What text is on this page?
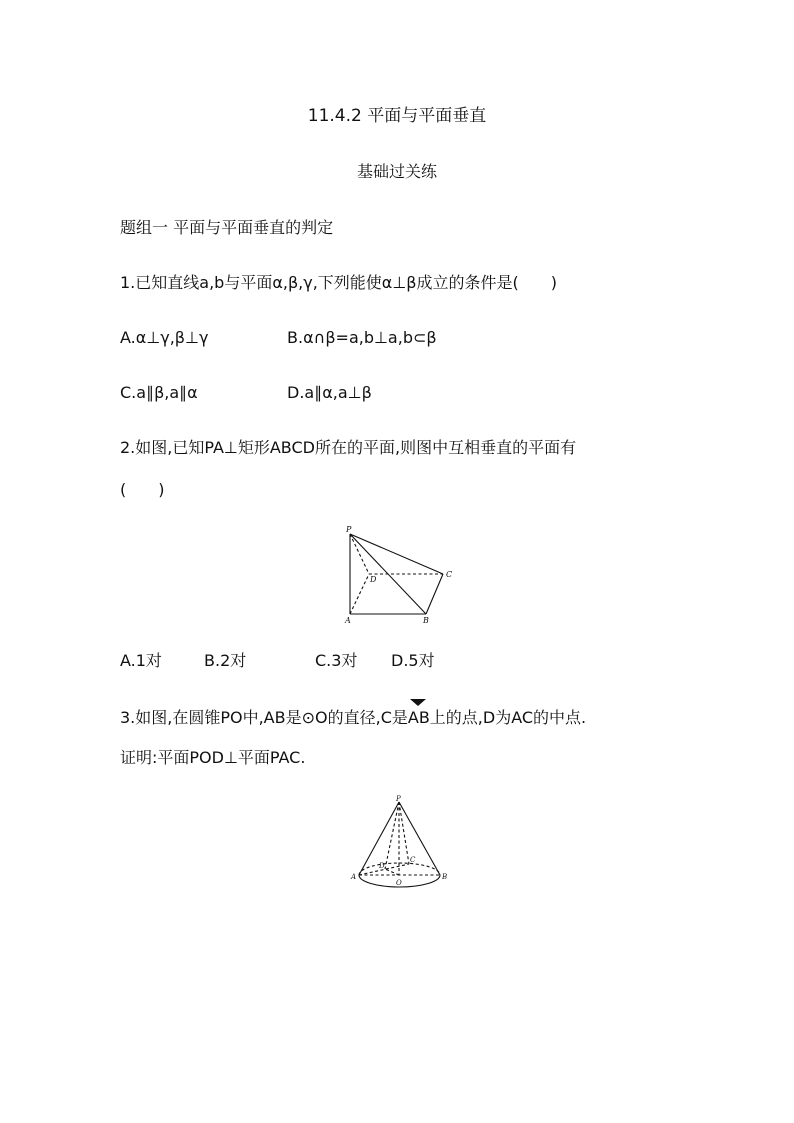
11.4.2 平面与平面垂直
基础过关练
题组一 平面与平面垂直的判定
1.已知直线a,b与平面α,β,γ,下列能使α⊥β成立的条件是(　　)
A.α⊥γ,β⊥γ	B.α∩β=a,b⊥a,b⊂β
C.a∥β,a∥α	D.a∥α,a⊥β
2.如图,已知PA⊥矩形ABCD所在的平面,则图中互相垂直的平面有
(　　)
P
A	B
C
D
A.1对	B.2对	C.3对 D.5对
3.如图,在圆锥PO中,AB是⊙O的直径,C是
AB上的点,D为AC的中点.
证明:平面POD⊥平面PAC.
P
A	B
C
D
O
